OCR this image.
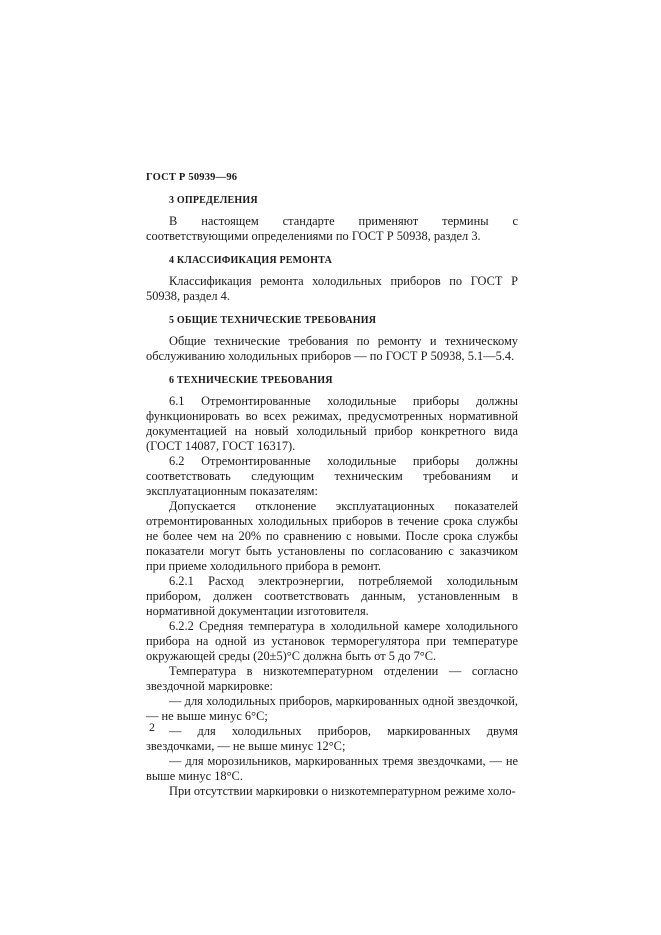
ГОСТ Р 50939—96
3 ОПРЕДЕЛЕНИЯ

В настоящем стандарте применяют термины с соответствующими определениями по ГОСТ Р 50938, раздел 3.

4 КЛАССИФИКАЦИЯ РЕМОНТА

Классификация ремонта холодильных приборов по ГОСТ Р 50938, раздел 4.

5 ОБЩИЕ ТЕХНИЧЕСКИЕ ТРЕБОВАНИЯ

Общие технические требования по ремонту и техническому обслуживанию холодильных приборов — по ГОСТ Р 50938, 5.1—5.4.

6 ТЕХНИЧЕСКИЕ ТРЕБОВАНИЯ

6.1 Отремонтированные холодильные приборы должны функционировать во всех режимах, предусмотренных нормативной документацией на новый холодильный прибор конкретного вида (ГОСТ 14087, ГОСТ 16317).

6.2 Отремонтированные холодильные приборы должны соответствовать следующим техническим требованиям и эксплуатационным показателям:

Допускается отклонение эксплуатационных показателей отремонтированных холодильных приборов в течение срока службы не более чем на 20% по сравнению с новыми. После срока службы показатели могут быть установлены по согласованию с заказчиком при приеме холодильного прибора в ремонт.

6.2.1 Расход электроэнергии, потребляемой холодильным прибором, должен соответствовать данным, установленным в нормативной документации изготовителя.

6.2.2 Средняя температура в холодильной камере холодильного прибора на одной из установок терморегулятора при температуре окружающей среды (20±5)°С должна быть от 5 до 7°С.

Температура в низкотемпературном отделении — согласно звездочной маркировке:

— для холодильных приборов, маркированных одной звездочкой, — не выше минус 6°С;

— для холодильных приборов, маркированных двумя звездочками, — не выше минус 12°С;

— для морозильников, маркированных тремя звездочками, — не выше минус 18°С.

При отсутствии маркировки о низкотемпературном режиме холо-

2
